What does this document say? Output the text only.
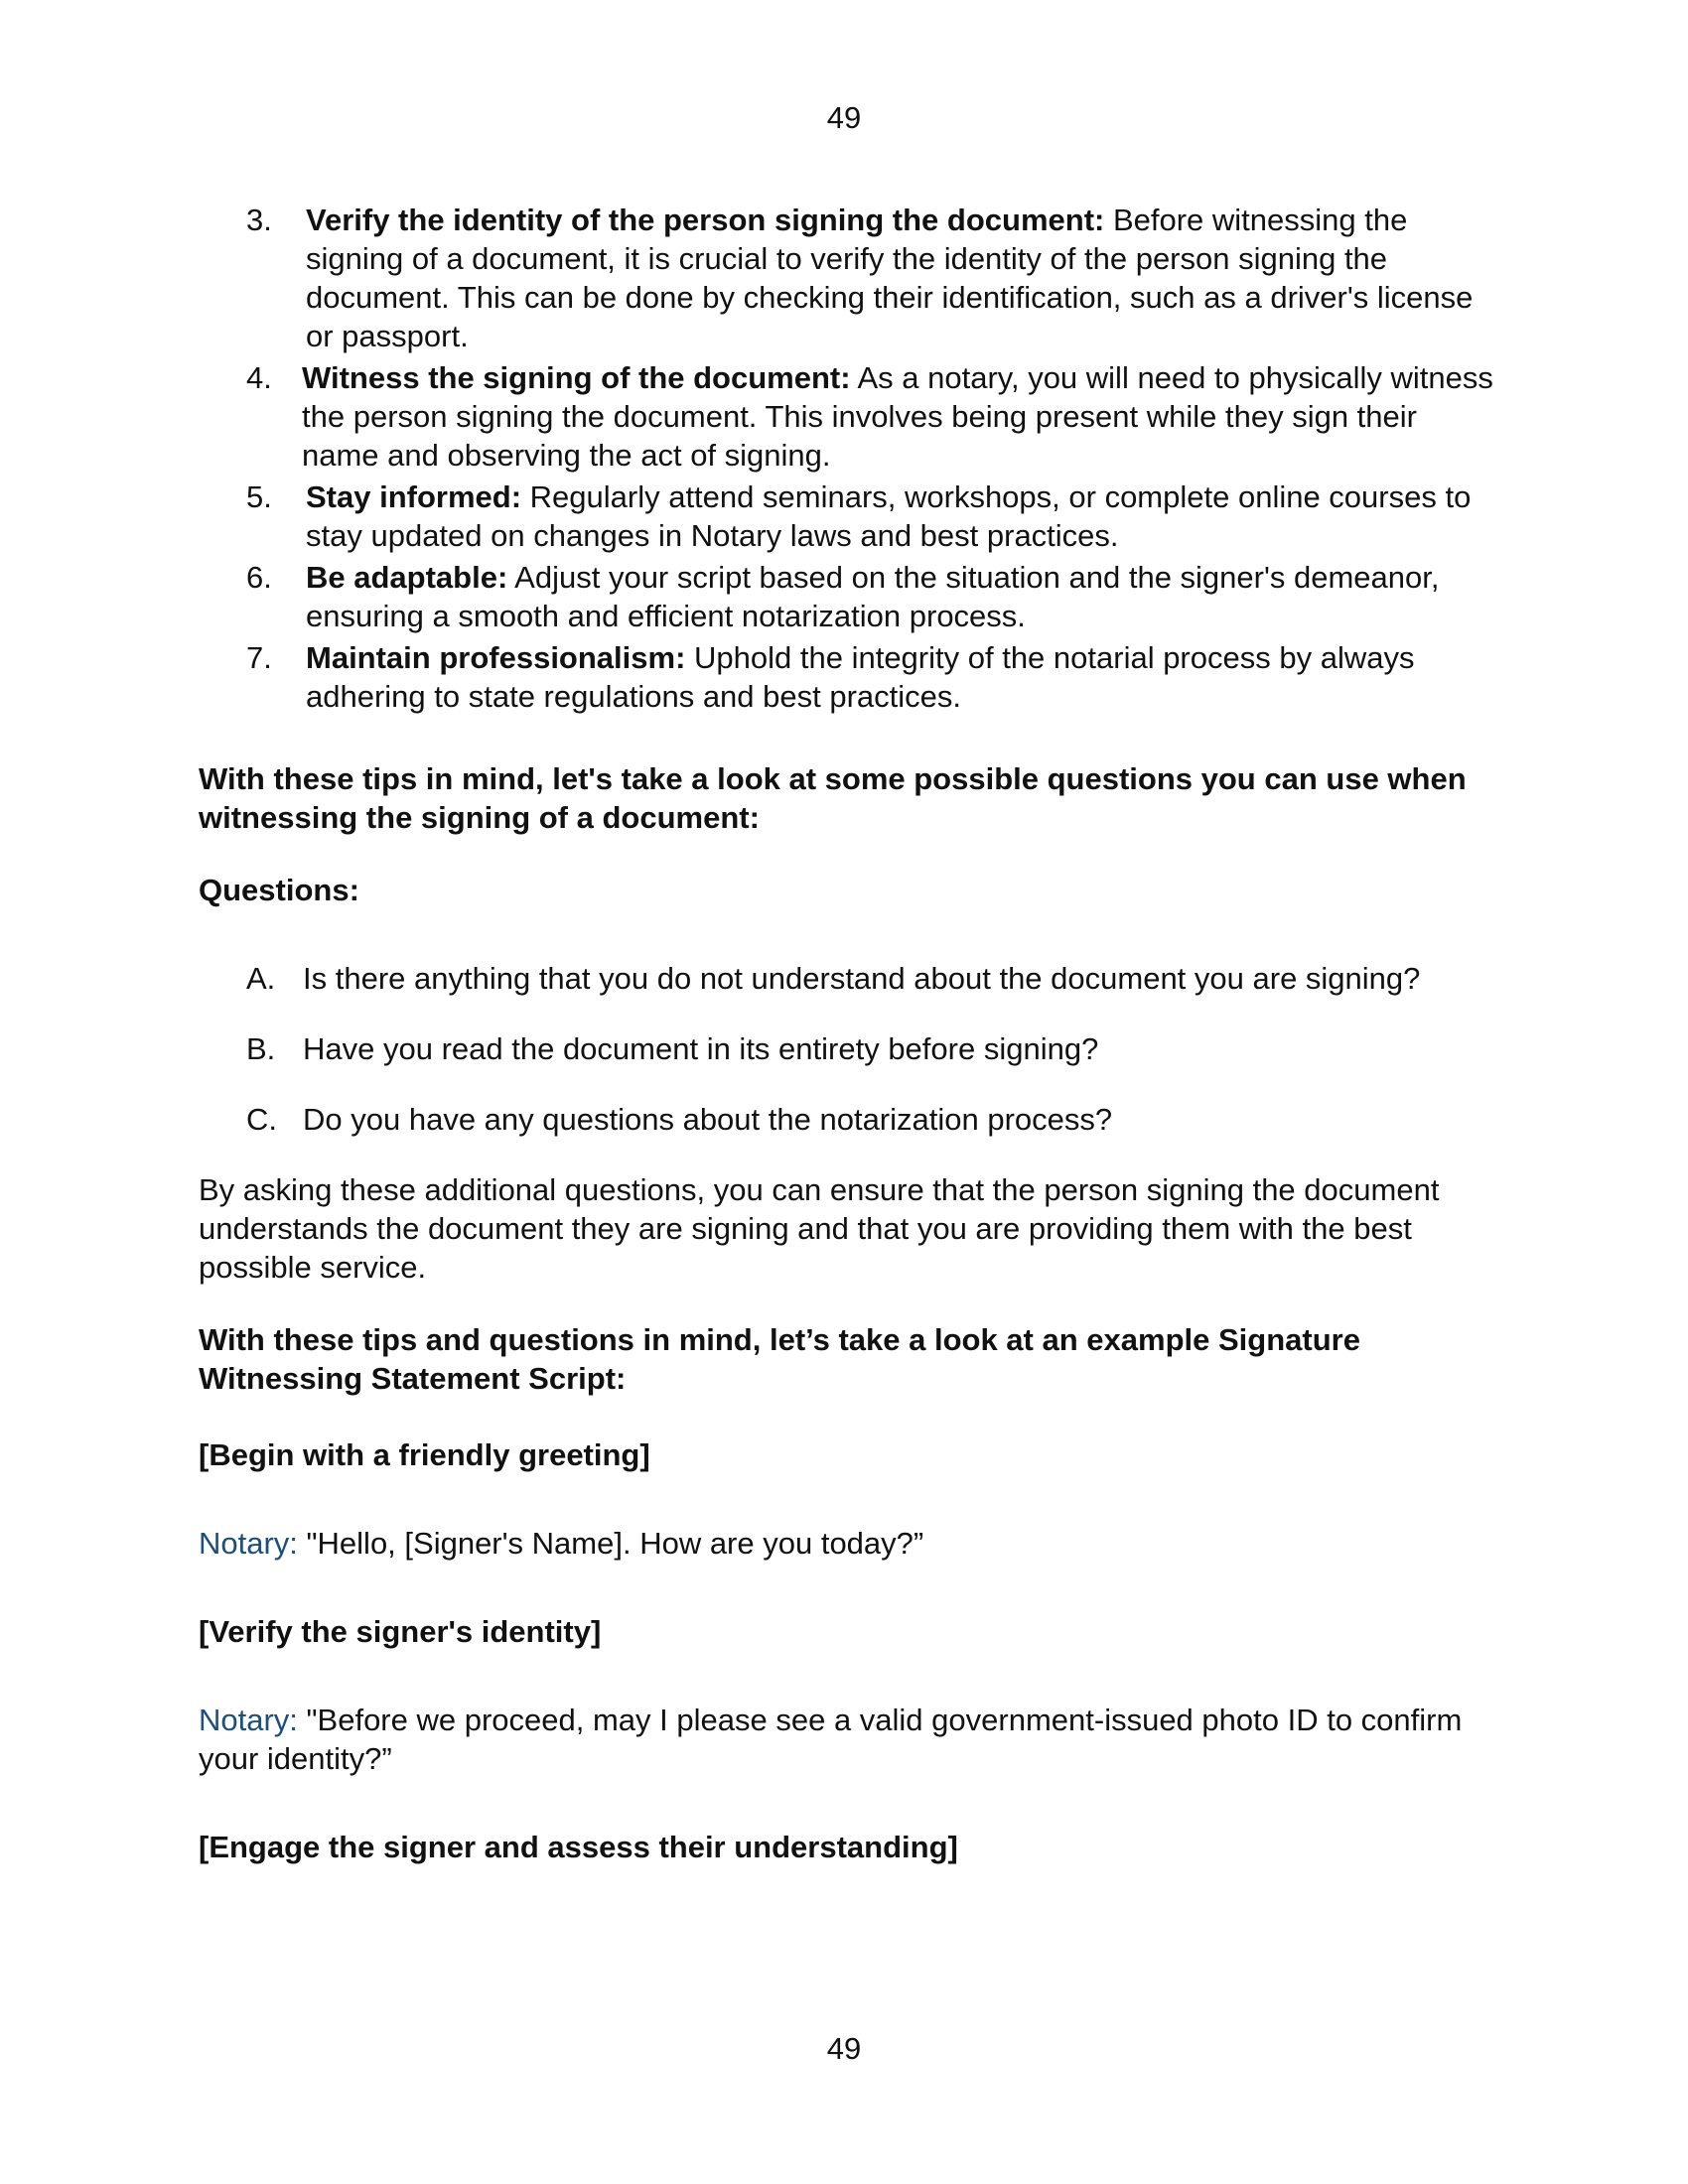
49
3. Verify the identity of the person signing the document: Before witnessing the signing of a document, it is crucial to verify the identity of the person signing the document. This can be done by checking their identification, such as a driver's license or passport.
4. Witness the signing of the document: As a notary, you will need to physically witness the person signing the document. This involves being present while they sign their name and observing the act of signing.
5. Stay informed: Regularly attend seminars, workshops, or complete online courses to stay updated on changes in Notary laws and best practices.
6. Be adaptable: Adjust your script based on the situation and the signer's demeanor, ensuring a smooth and efficient notarization process.
7. Maintain professionalism: Uphold the integrity of the notarial process by always adhering to state regulations and best practices.

With these tips in mind, let's take a look at some possible questions you can use when witnessing the signing of a document:

Questions:

A. Is there anything that you do not understand about the document you are signing?
B. Have you read the document in its entirety before signing?
C. Do you have any questions about the notarization process?

By asking these additional questions, you can ensure that the person signing the document understands the document they are signing and that you are providing them with the best possible service.

With these tips and questions in mind, let’s take a look at an example Signature Witnessing Statement Script:

[Begin with a friendly greeting]

Notary: "Hello, [Signer's Name]. How are you today?”

[Verify the signer's identity]

Notary: "Before we proceed, may I please see a valid government-issued photo ID to confirm your identity?”

[Engage the signer and assess their understanding]

49
